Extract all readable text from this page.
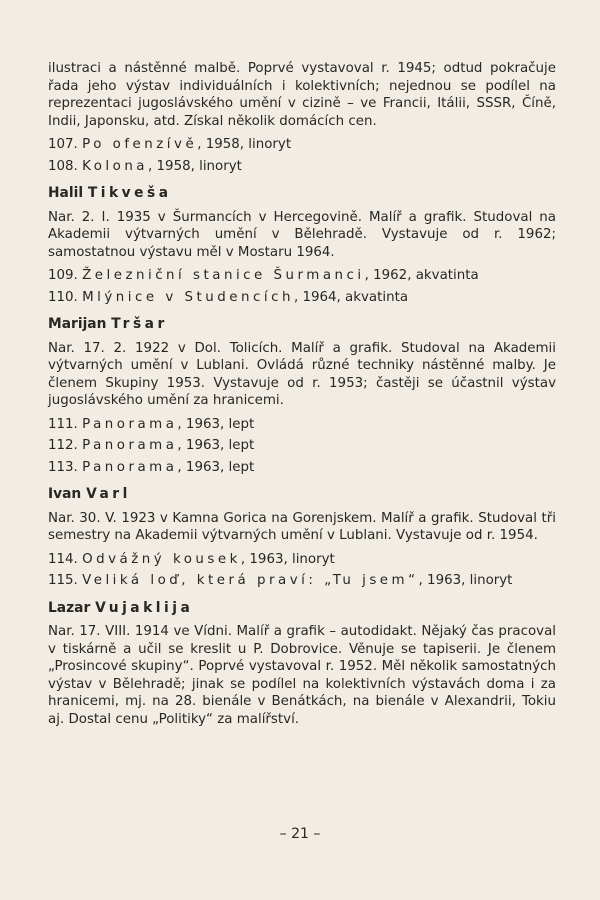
ilustraci a nástěnné malbě. Poprvé vystavoval r. 1945; odtud pokračuje řada jeho výstav individuálních i kolektivních; nejednou se podílel na reprezentaci jugoslávského umění v cizině – ve Francii, Itálii, SSSR, Číně, Indii, Japonsku, atd. Získal několik domácích cen.

107. Po ofenzívě, 1958, linoryt

108. Kolona, 1958, linoryt

Halil Tikveša

Nar. 2. I. 1935 v Šurmancích v Hercegovině. Malíř a grafik. Studoval na Akademii výtvarných umění v Bělehradě. Vystavuje od r. 1962; samostatnou výstavu měl v Mostaru 1964.

109. Železniční stanice Šurmanci, 1962, akvatinta

110. Mlýnice v Studencích, 1964, akvatinta

Marijan Tršar

Nar. 17. 2. 1922 v Dol. Tolicích. Malíř a grafik. Studoval na Akademii výtvarných umění v Lublani. Ovládá různé techniky nástěnné malby. Je členem Skupiny 1953. Vystavuje od r. 1953; častěji se účastnil výstav jugoslávského umění za hranicemi.

111. Panorama, 1963, lept

112. Panorama, 1963, lept

113. Panorama, 1963, lept

Ivan Varl

Nar. 30. V. 1923 v Kamna Gorica na Gorenjskem. Malíř a grafik. Studoval tři semestry na Akademii výtvarných umění v Lublani. Vystavuje od r. 1954.

114. Odvážný kousek, 1963, linoryt

115. Veliká loď, která praví: „Tu jsem“, 1963, linoryt

Lazar Vujaklija

Nar. 17. VIII. 1914 ve Vídni. Malíř a grafik – autodidakt. Nějaký čas pracoval v tiskárně a učil se kreslit u P. Dobrovice. Věnuje se tapiserii. Je členem „Prosincové skupiny“. Poprvé vystavoval r. 1952. Měl několik samostatných výstav v Bělehradě; jinak se podílel na kolektivních výstavách doma i za hranicemi, mj. na 28. bienále v Benátkách, na bienále v Alexandrii, Tokiu aj. Dostal cenu „Politiky“ za malířství.

– 21 –
